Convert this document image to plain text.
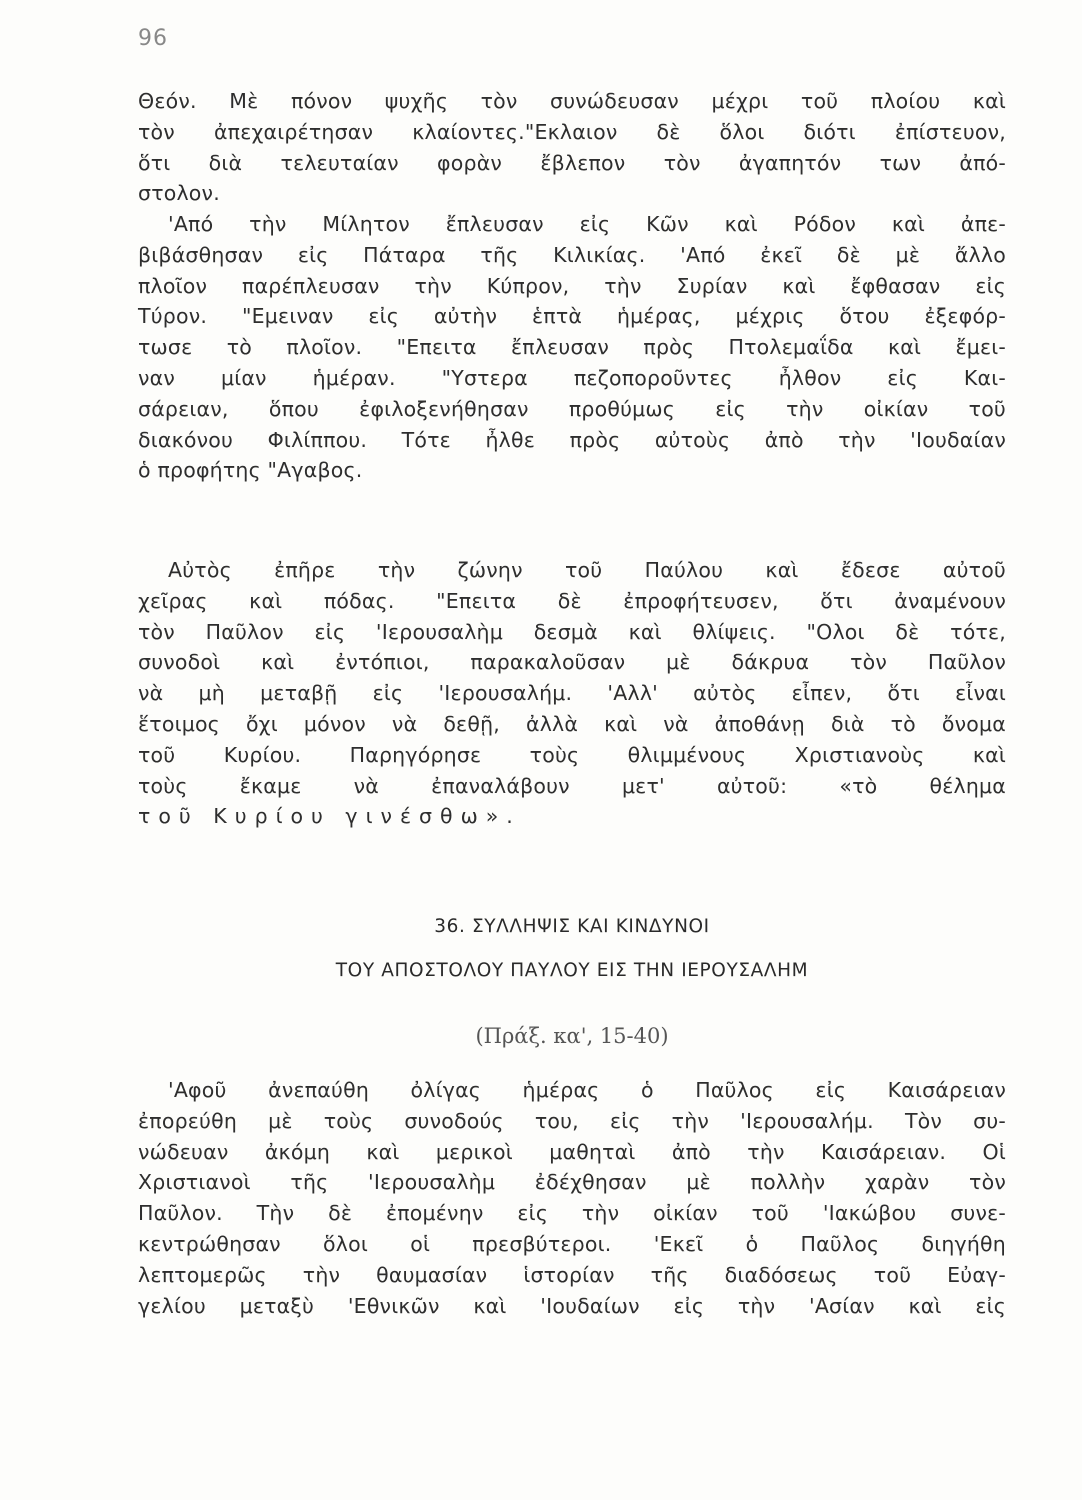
96
Θεόν. Μὲ πόνον ψυχῆς τὸν συνώδευσαν μέχρι τοῦ πλοίου καὶ
τὸν ἀπεχαιρέτησαν κλαίοντες."Εκλαιον δὲ ὅλοι διότι ἐπίστευον,
ὅτι διὰ τελευταίαν φορὰν ἔβλεπον τὸν ἀγαπητόν των ἀπό-
στολον.
'Από τὴν Μίλητον ἔπλευσαν εἰς Κῶν καὶ Ρόδον καὶ ἀπε-
βιβάσθησαν εἰς Πάταρα τῆς Κιλικίας. 'Από ἐκεῖ δὲ μὲ ἄλλο
πλοῖον παρέπλευσαν τὴν Κύπρον, τὴν Συρίαν καὶ ἔφθασαν εἰς
Τύρον. "Εμειναν εἰς αὐτὴν ἑπτὰ ἡμέρας, μέχρις ὅτου ἐξεφόρ-
τωσε τὸ πλοῖον. "Επειτα ἔπλευσαν πρὸς Πτολεμαΐδα καὶ ἔμει-
ναν μίαν ἡμέραν. "Υστερα πεζοποροῦντες ἦλθον εἰς Και-
σάρειαν, ὅπου ἐφιλοξενήθησαν προθύμως εἰς τὴν οἰκίαν τοῦ
διακόνου Φιλίππου. Τότε ἦλθε πρὸς αὐτοὺς ἀπὸ τὴν 'Ιουδαίαν
ὁ προφήτης "Αγαβος.
Αὐτὸς ἐπῆρε τὴν ζώνην τοῦ Παύλου καὶ ἔδεσε αὐτοῦ
χεῖρας καὶ πόδας. "Επειτα δὲ ἐπροφήτευσεν, ὅτι ἀναμένουν
τὸν Παῦλον εἰς 'Ιερουσαλὴμ δεσμὰ καὶ θλίψεις. "Ολοι δὲ τότε,
συνοδοὶ καὶ ἐντόπιοι, παρακαλοῦσαν μὲ δάκρυα τὸν Παῦλον
νὰ μὴ μεταβῇ εἰς 'Ιερουσαλήμ. 'Αλλ' αὐτὸς εἶπεν, ὅτι εἶναι
ἕτοιμος ὄχι μόνον νὰ δεθῇ, ἀλλὰ καὶ νὰ ἀποθάνῃ διὰ τὸ ὄνομα
τοῦ Κυρίου. Παρηγόρησε τοὺς θλιμμένους Χριστιανοὺς καὶ
τοὺς ἔκαμε νὰ ἐπαναλάβουν μετ' αὐτοῦ: «τὸ θέλημα
τοῦ Κυρίου γινέσθω».
36. ΣΥΛΛΗΨΙΣ ΚΑΙ ΚΙΝΔΥΝΟΙ
ΤΟΥ ΑΠΟΣΤΟΛΟΥ ΠΑΥΛΟΥ ΕΙΣ ΤΗΝ ΙΕΡΟΥΣΑΛΗΜ
(Πράξ. κα', 15-40)
'Αφοῦ ἀνεπαύθη ὀλίγας ἡμέρας ὁ Παῦλος εἰς Καισάρειαν
ἐπορεύθη μὲ τοὺς συνοδούς του, εἰς τὴν 'Ιερουσαλήμ. Τὸν συ-
νώδευαν ἀκόμη καὶ μερικοὶ μαθηταὶ ἀπὸ τὴν Καισάρειαν. Οἱ
Χριστιανοὶ τῆς 'Ιερουσαλὴμ ἐδέχθησαν μὲ πολλὴν χαρὰν τὸν
Παῦλον. Τὴν δὲ ἐπομένην εἰς τὴν οἰκίαν τοῦ 'Ιακώβου συνε-
κεντρώθησαν ὅλοι οἱ πρεσβύτεροι. 'Εκεῖ ὁ Παῦλος διηγήθη
λεπτομερῶς τὴν θαυμασίαν ἱστορίαν τῆς διαδόσεως τοῦ Εὐαγ-
γελίου μεταξὺ 'Εθνικῶν καὶ 'Ιουδαίων εἰς τὴν 'Ασίαν καὶ εἰς
